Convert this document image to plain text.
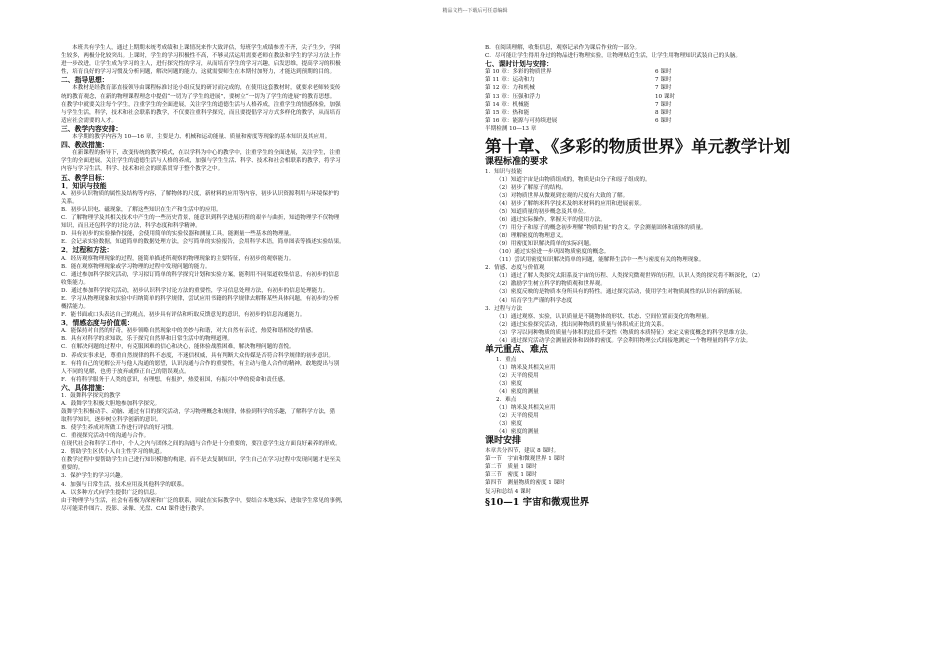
精品文档---下载后可任意编辑
本班共有学生人，通过上期期末统考成绩和上课情况来作大致评估，每班学生成绩参差不齐，尖子生少，学困
生较多，两极分化较突出。上课时，学生的学习积极性不高，不够灵活运用需要老师在教法和学生的学习方法上作
进一步改进，让学生成为学习的主人，进行探究性的学习，从而培育学生的学习兴趣，启发思维，提高学习的积极
性，培育良好的学习习惯及分析问题，解决问题的能力，这就需要师生在本期付加努力，才能达到预期的目的。
二、指导思想：
本教材是经教育部直接领导由课程标准讨论小组反复的研讨而完成的，在使用这套教材时，就要求老师转变传
统的教育观念，在新的物理课程理念中提倡“一切为了学生的进展”，要树立“一切为了学生的进展”的教育思想。
在教学中就要关注每个学生，注重学生的全面进展，关注学生的道德生活与人格养成，注重学生的情感体验，加强
与学生生活，科学，技术和社会联系的教学，不仅要注重科学探究，而且要提倡学习方式多样化的教学，从而培育
适应社会需要的人才。
三、教学内容安排：
本学期的教学内容为 10—16 章，主要是力、机械和运动能量、质量和密度等现象的基本知识及其应用。
四、教改措施：
在新课程的指导下，改变传统的教学模式，在以学科为中心的教学中，注重学生的全面进展，关注学生，注重
学生的全面进展，关注学生的道德生活与人格的养成，加强与学生生活、科学、技术和社会相联系的教学，将学习
内容与学习生活，科学、技术和社会的联系贯穿于整个教学之中。
五、教学目标：
1．知识与技能
A．初步认识物质的属性及结构等内容，了解物体的尺度，新材料的应用等内容，初步认识资源利用与环境保护的
关系。
B．初步认识电、磁现象，了解这些知识在生产和生活中的应用。
C．了解物理学及其相关技术中产生的一些历史背景，能意识到科学进展历程的艰辛与曲折，知道物理学不仅物理
知识，而且还包科学的讨论方法，科学态度和科学精神。
D．具有初步的实验操作技能，会使用简单的实验仪器和测量工具，能测量一些基本的物理量。
E．会记录实验数据，知道简单的数据处理方法，会写简单的实验报告，会用科学术语，简单图表等描述实验结果。
2．过程和方法：
A．经历观察物理现象的过程，能简单描述所观察的物理现象的主要特征，有初步的观察能力。
B．能在观察物理现象或学习物理的过程中发现问题的能力。
C．通过参加科学探究活动，学习拟订简单的科学探究计划和实验方案，能利用不同渠道收集信息，有初步的信息
收集能力。
D．通过参加科学探究活动，初步认识科学讨论方法的重要性，学习信息处理方法，有初步的信息处理能力。
E．学习从物理现象和实验中归纳简单的科学规律，尝试应用书籍的科学规律去解释某些具体问题，有初步的分析
概括能力。
F．能书面或口头表达自己的观点，初步具有评估和听取反馈意见的意识，有初步的信息沟通能力。
3．情感态度与价值观：
A．能保持对自然的好奇，初步领略自然现象中的美妙与和谐，对大自然有亲近，热爱和谐相处的情感。
B．具有对科学的求知欲，乐于探究自然界和日常生活中的物理道理。
C．在解决问题的过程中，有克服困难的信心和决心，能体验战胜困难，解决物理问题的喜悦。
D．养成实事求是，尊重自然规律的科不态度，不迷信权威，具有判断大众传媒是否符合科学规律的初步意识。
E．有将自己的见解公开与他人沟通的愿望，认识沟通与合作的重要性，有主动与他人合作的精神，敢地提出与别
人不同的见解，也勇于放弃或修正自己的错误观点。
F．有将科学服务于人类的意识，有理想，有报护，热爱祖国，有振兴中华的使命和责任感。
六、具体措施：
1．鼓舞科学探究的教学
A．鼓舞学生积极大胆地参加科学探究。
鼓舞学生积极动手、动脑、通过有目的探究活动，学习物理概念和规律，体验到科学的乐趣，了解科学方法，猎
取科学知识，逐步树立科学创新的意识。
B．使学生养成对所做工作进行评估的好习惯。
C．重视探究活动中的沟通与合作。
在现代社会和科学工作中，个人之内与团体之间的沟通与合作是十分重要的，要注意学生这方面良好素养的形成。
2．帮助学生区伏小入自主性学习的轨道。
在教学过程中要帮助学生自己进行知识模地的构建，而不是去复制知识，学生自己在学习过程中发现问题才是至关
重要的。
3．保护学生的学习兴趣。
4．加强与日常生活，技术应用及其他科学的联系。
A．以多种方式向学生提供广泛的信息。
由于物理学与生活，社会有着极为深密和广泛的联系，因此在实际教学中，要结合本地实际，进取学生常见的事例，
尽可能采作图片、投影、录像、光盘、CAI 课件进行教学。
B．在阅读理解，收集信息，观察记录作为课后作业的一部分。
C．尽可能让学生得用身过的物品进行物理实验，让物理贴近生活，让学生用物理知识武装自己的头脑。
七、课时计划与安排：
第 10 章：多彩的物质世界	6 课时
第 11 章：运动和力	7 课时
第 12 章：力和机械	7 课时
第 13 章：压强和浮力	10 课时
第 14 章：机械能	7 课时
第 15 章：热和能	8 课时
第 16 章：能源与可持续进展	6 课时
半期检测 10—13 章
第十章、《多彩的物质世界》单元教学计划
课程标准的要求
1．知识与技能
（1）知道宇宙是由物质组成的，物质是由分子和原子组成的。
（2）初步了解原子的结构。
（3）对物质世界从微观到宏观的尺度有大致的了解。
（4）初步了解纳米科学技术及纳米材料的应用和进展前景。
（5）知道质量的初步概念及其单位。
（6）通过实际操作，掌握天平的使用方法。
（7）用分子和原子的概念初步理解“物质的量”的含义。学会测量固体和液体的质量。
（8）理解密度的物理意义。
（9）用密度知识解决简单的实际问题。
（10）通过实验进一步巩固物质密度的概念。
（11）尝试用密度知识解决简单的问题，能解释生活中一些与密度有关的物理现象。
2．情感、态度与价值观
（1）通过了解人类探究太阳系及宇宙的历程、人类探究微观世界的历程，认识人类的探究将不断深化，（2）
（2）激励学生树立科学的物质观和世界观。
（3）密度反映的是物质本身所具有的特性。通过探究活动，使用学生对物质属性的认识有新的拓展。
（4）培育学生严谨的科学态度
3．过程与方法
（1）通过观察、实验，认识质量是不随物体的形状、状态、空间位置而变化的物理量。
（2）通过实验探究活动，找出同种物质的质量与体积成正比的关系。
（3）学习以同种物质的质量与体积的比值不变性（物质的本质特征）来定义密度概念的科学思维方法。
（4）通过探究活动学会测量液体和固体的密度。学会利用物理公式间接地测定一个物理量的科学方法。
单元重点、难点
1．重点
（1）纳米及其相关应用
（2）天平的使用
（3）密度
（4）密度的测量
2．难点
（1）纳米及其相关应用
（2）天平的使用
（3）密度
（4）密度的测量
课时安排
本章共分四节，建议 8 课时。
第一节　宇宙和微观世界 1 课时
第二节　质量 1 课时
第三节　密度 1 课时
第四节　测量物质的密度 1 课时
复习和总结 4 课时
§10—1 宇宙和微观世界
